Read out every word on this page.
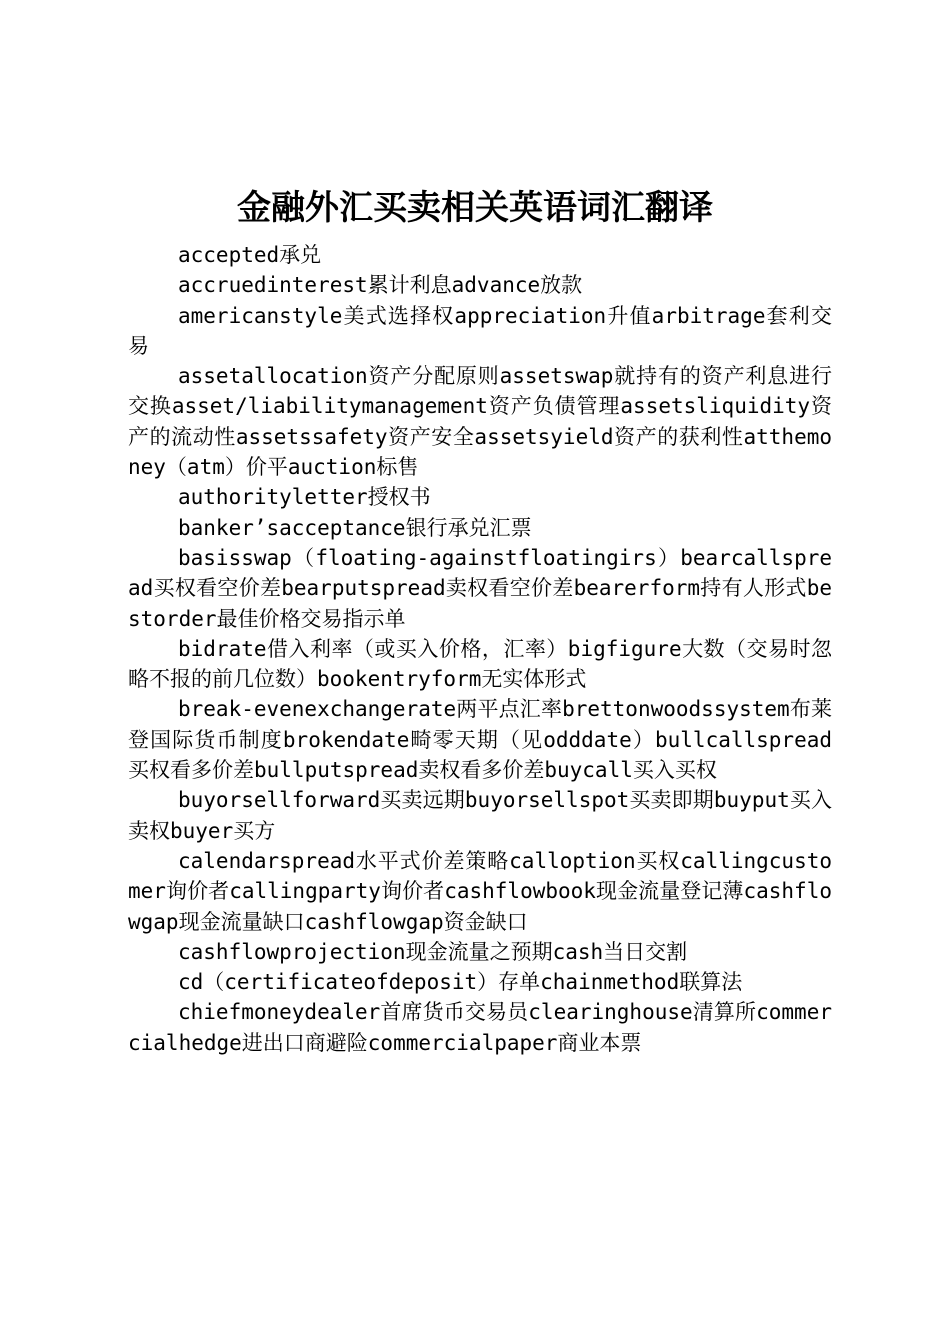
金融外汇买卖相关英语词汇翻译

accepted承兑

accruedinterest累计利息advance放款

americanstyle美式选择权appreciation升值arbitrage套利交易

assetallocation资产分配原则assetswap就持有的资产利息进行交换asset/liabilitymanagement资产负债管理assetsliquidity资产的流动性assetssafety资产安全assetsyield资产的获利性atthemoney（atm）价平auction标售

authorityletter授权书

banker’sacceptance银行承兑汇票

basisswap（floating-againstfloatingirs）bearcallspread买权看空价差bearputspread卖权看空价差bearerform持有人形式bestorder最佳价格交易指示单

bidrate借入利率（或买入价格，汇率）bigfigure大数（交易时忽略不报的前几位数）bookentryform无实体形式

break-evenexchangerate两平点汇率brettonwoodssystem布莱登国际货币制度brokendate畸零天期（见odddate）bullcallspread买权看多价差bullputspread卖权看多价差buycall买入买权

buyorsellforward买卖远期buyorsellspot买卖即期buyput买入卖权buyer买方

calendarspread水平式价差策略calloption买权callingcustomer询价者callingparty询价者cashflowbook现金流量登记薄cashflowgap现金流量缺口cashflowgap资金缺口

cashflowprojection现金流量之预期cash当日交割

cd（certificateofdeposit）存单chainmethod联算法

chiefmoneydealer首席货币交易员clearinghouse清算所commercialhedge进出口商避险commercialpaper商业本票
